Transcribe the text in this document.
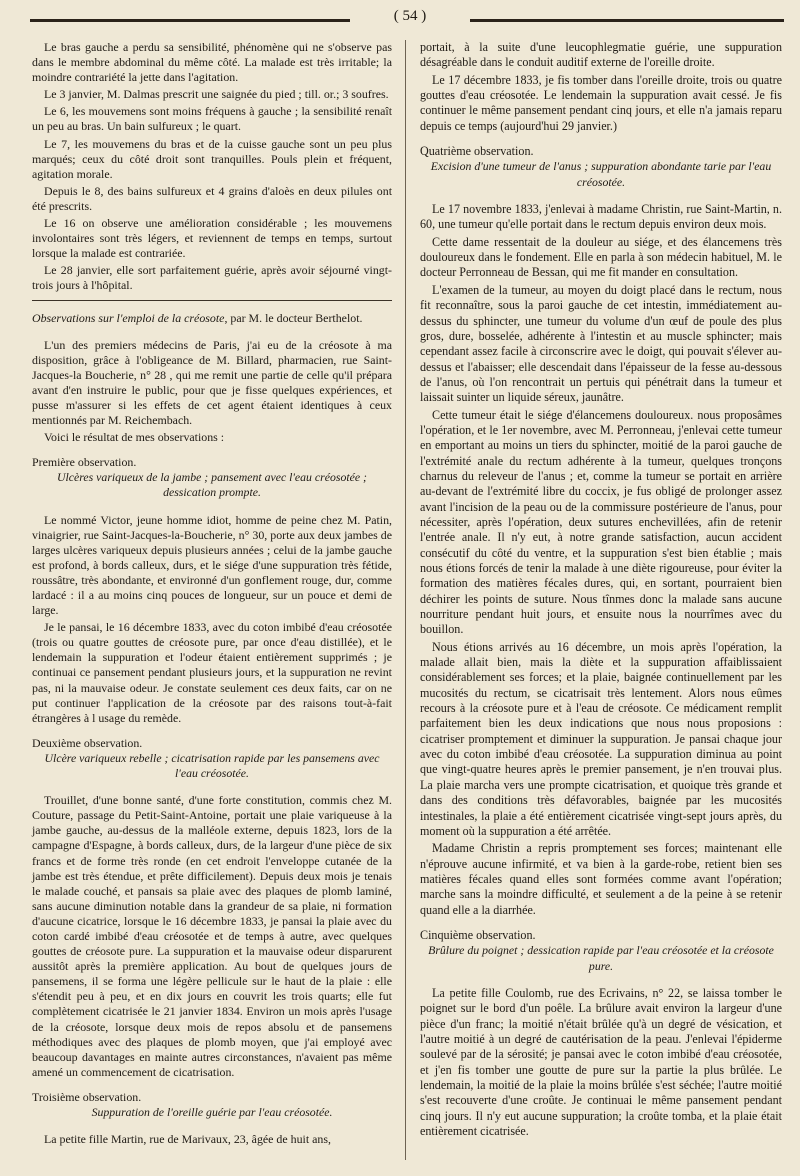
( 54 )

Le bras gauche a perdu sa sensibilité, phénomène qui ne s'observe pas dans le membre abdominal du même côté. La malade est très irritable; la moindre contrariété la jette dans l'agitation.

Le 3 janvier, M. Dalmas prescrit une saignée du pied ; till. or.; 3 soufres.

Le 6, les mouvemens sont moins fréquens à gauche ; la sensibilité renaît un peu au bras. Un bain sulfureux ; le quart.

Le 7, les mouvemens du bras et de la cuisse gauche sont un peu plus marqués; ceux du côté droit sont tranquilles. Pouls plein et fréquent, agitation morale.

Depuis le 8, des bains sulfureux et 4 grains d'aloès en deux pilules ont été prescrits.

Le 16 on observe une amélioration considérable ; les mouvemens involontaires sont très légers, et reviennent de temps en temps, surtout lorsque la malade est contrariée.

Le 28 janvier, elle sort parfaitement guérie, après avoir séjourné vingt-trois jours à l'hôpital.

Observations sur l'emploi de la créosote, par M. le docteur Berthelot.

L'un des premiers médecins de Paris, j'ai eu de la créosote à ma disposition, grâce à l'obligeance de M. Billard, pharmacien, rue Saint-Jacques-la Boucherie, n° 28 , qui me remit une partie de celle qu'il prépara avant d'en instruire le public, pour que je fisse quelques expériences, et pusse m'assurer si les effets de cet agent étaient identiques à ceux mentionnés par M. Reichembach.

Voici le résultat de mes observations :

Première observation.
Ulcères variqueux de la jambe ; pansement avec l'eau créosotée ; dessication prompte.

Le nommé Victor, jeune homme idiot, homme de peine chez M. Patin, vinaigrier, rue Saint-Jacques-la-Boucherie, n° 30, porte aux deux jambes de larges ulcères variqueux depuis plusieurs années ; celui de la jambe gauche est profond, à bords calleux, durs, et le siége d'une suppuration très fétide, roussâtre, très abondante, et environné d'un gonflement rouge, dur, comme lardacé : il a au moins cinq pouces de longueur, sur un pouce et demi de large.

Je le pansai, le 16 décembre 1833, avec du coton imbibé d'eau créosotée (trois ou quatre gouttes de créosote pure, par once d'eau distillée), et le lendemain la suppuration et l'odeur étaient entièrement supprimés ; je continuai ce pansement pendant plusieurs jours, et la suppuration ne revint pas, ni la mauvaise odeur. Je constate seulement ces deux faits, car on ne put continuer l'application de la créosote par des raisons tout-à-fait étrangères à l usage du remède.

Deuxième observation.
Ulcère variqueux rebelle ; cicatrisation rapide par les pansemens avec l'eau créosotée.

Trouillet, d'une bonne santé, d'une forte constitution, commis chez M. Couture, passage du Petit-Saint-Antoine, portait une plaie variqueuse à la jambe gauche, au-dessus de la malléole externe, depuis 1823, lors de la campagne d'Espagne, à bords calleux, durs, de la largeur d'une pièce de six francs et de forme très ronde (en cet endroit l'enveloppe cutanée de la jambe est très étendue, et prête difficilement). Depuis deux mois je tenais le malade couché, et pansais sa plaie avec des plaques de plomb laminé, sans aucune diminution notable dans la grandeur de sa plaie, ni formation d'aucune cicatrice, lorsque le 16 décembre 1833, je pansai la plaie avec du coton cardé imbibé d'eau créosotée et de temps à autre, avec quelques gouttes de créosote pure. La suppuration et la mauvaise odeur disparurent aussitôt après la première application. Au bout de quelques jours de pansemens, il se forma une légère pellicule sur le haut de la plaie : elle s'étendit peu à peu, et en dix jours en couvrit les trois quarts; elle fut complètement cicatrisée le 21 janvier 1834. Environ un mois après l'usage de la créosote, lorsque deux mois de repos absolu et de pansemens méthodiques avec des plaques de plomb moyen, que j'ai employé avec beaucoup davantages en mainte autres circonstances, n'avaient pas même amené un commencement de cicatrisation.

Troisième observation.
Suppuration de l'oreille guérie par l'eau créosotée.

La petite fille Martin, rue de Marivaux, 23, âgée de huit ans,

portait, à la suite d'une leucophlegmatie guérie, une suppuration désagréable dans le conduit auditif externe de l'oreille droite.

Le 17 décembre 1833, je fis tomber dans l'oreille droite, trois ou quatre gouttes d'eau créosotée. Le lendemain la suppuration avait cessé. Je fis continuer le même pansement pendant cinq jours, et elle n'a jamais reparu depuis ce temps (aujourd'hui 29 janvier.)

Quatrième observation.
Excision d'une tumeur de l'anus ; suppuration abondante tarie par l'eau créosotée.

Le 17 novembre 1833, j'enlevai à madame Christin, rue Saint-Martin, n. 60, une tumeur qu'elle portait dans le rectum depuis environ deux mois.

Cette dame ressentait de la douleur au siége, et des élancemens très douloureux dans le fondement. Elle en parla à son médecin habituel, M. le docteur Perronneau de Bessan, qui me fit mander en consultation.

L'examen de la tumeur, au moyen du doigt placé dans le rectum, nous fit reconnaître, sous la paroi gauche de cet intestin, immédiatement au-dessus du sphincter, une tumeur du volume d'un œuf de poule des plus gros, dure, bosselée, adhérente à l'intestin et au muscle sphincter; mais cependant assez facile à circonscrire avec le doigt, qui pouvait s'élever au-dessus et l'abaisser; elle descendait dans l'épaisseur de la fesse au-dessous de l'anus, où l'on rencontrait un pertuis qui pénétrait dans la tumeur et laissait suinter un liquide séreux, jaunâtre.

Cette tumeur était le siége d'élancemens douloureux. nous proposâmes l'opération, et le 1er novembre, avec M. Perronneau, j'enlevai cette tumeur en emportant au moins un tiers du sphincter, moitié de la paroi gauche de l'extrémité anale du rectum adhérente à la tumeur, quelques tronçons charnus du releveur de l'anus ; et, comme la tumeur se portait en arrière au-devant de l'extrémité libre du coccix, je fus obligé de prolonger assez avant l'incision de la peau ou de la commissure postérieure de l'anus, pour nécessiter, après l'opération, deux sutures enchevillées, afin de retenir l'entrée anale. Il n'y eut, à notre grande satisfaction, aucun accident consécutif du côté du ventre, et la suppuration s'est bien établie ; mais nous étions forcés de tenir la malade à une diète rigoureuse, pour éviter la formation des matières fécales dures, qui, en sortant, pourraient bien déchirer les points de suture. Nous tînmes donc la malade sans aucune nourriture pendant huit jours, et ensuite nous la nourrîmes avec du bouillon.

Nous étions arrivés au 16 décembre, un mois après l'opération, la malade allait bien, mais la diète et la suppuration affaiblissaient considérablement ses forces; et la plaie, baignée continuellement par les mucosités du rectum, se cicatrisait très lentement. Alors nous eûmes recours à la créosote pure et à l'eau de créosote. Ce médicament remplit parfaitement bien les deux indications que nous nous proposions : cicatriser promptement et diminuer la suppuration. Je pansai chaque jour avec du coton imbibé d'eau créosotée. La suppuration diminua au point que vingt-quatre heures après le premier pansement, je n'en trouvai plus. La plaie marcha vers une prompte cicatrisation, et quoique très grande et dans des conditions très défavorables, baignée par les mucosités intestinales, la plaie a été entièrement cicatrisée vingt-sept jours après, du moment où la suppuration a été arrêtée.

Madame Christin a repris promptement ses forces; maintenant elle n'éprouve aucune infirmité, et va bien à la garde-robe, retient bien ses matières fécales quand elles sont formées comme avant l'opération; marche sans la moindre difficulté, et seulement a de la peine à se retenir quand elle a la diarrhée.

Cinquième observation.
Brûlure du poignet ; dessication rapide par l'eau créosotée et la créosote pure.

La petite fille Coulomb, rue des Ecrivains, n° 22, se laissa tomber le poignet sur le bord d'un poêle. La brûlure avait environ la largeur d'une pièce d'un franc; la moitié n'était brûlée qu'à un degré de vésication, et l'autre moitié à un degré de cautérisation de la peau. J'enlevai l'épiderme soulevé par de la sérosité; je pansai avec le coton imbibé d'eau créosotée, et j'en fis tomber une goutte de pure sur la partie la plus brûlée. Le lendemain, la moitié de la plaie la moins brûlée s'est séchée; l'autre moitié s'est recouverte d'une croûte. Je continuai le même pansement pendant cinq jours. Il n'y eut aucune suppuration; la croûte tomba, et la plaie était entièrement cicatrisée.
